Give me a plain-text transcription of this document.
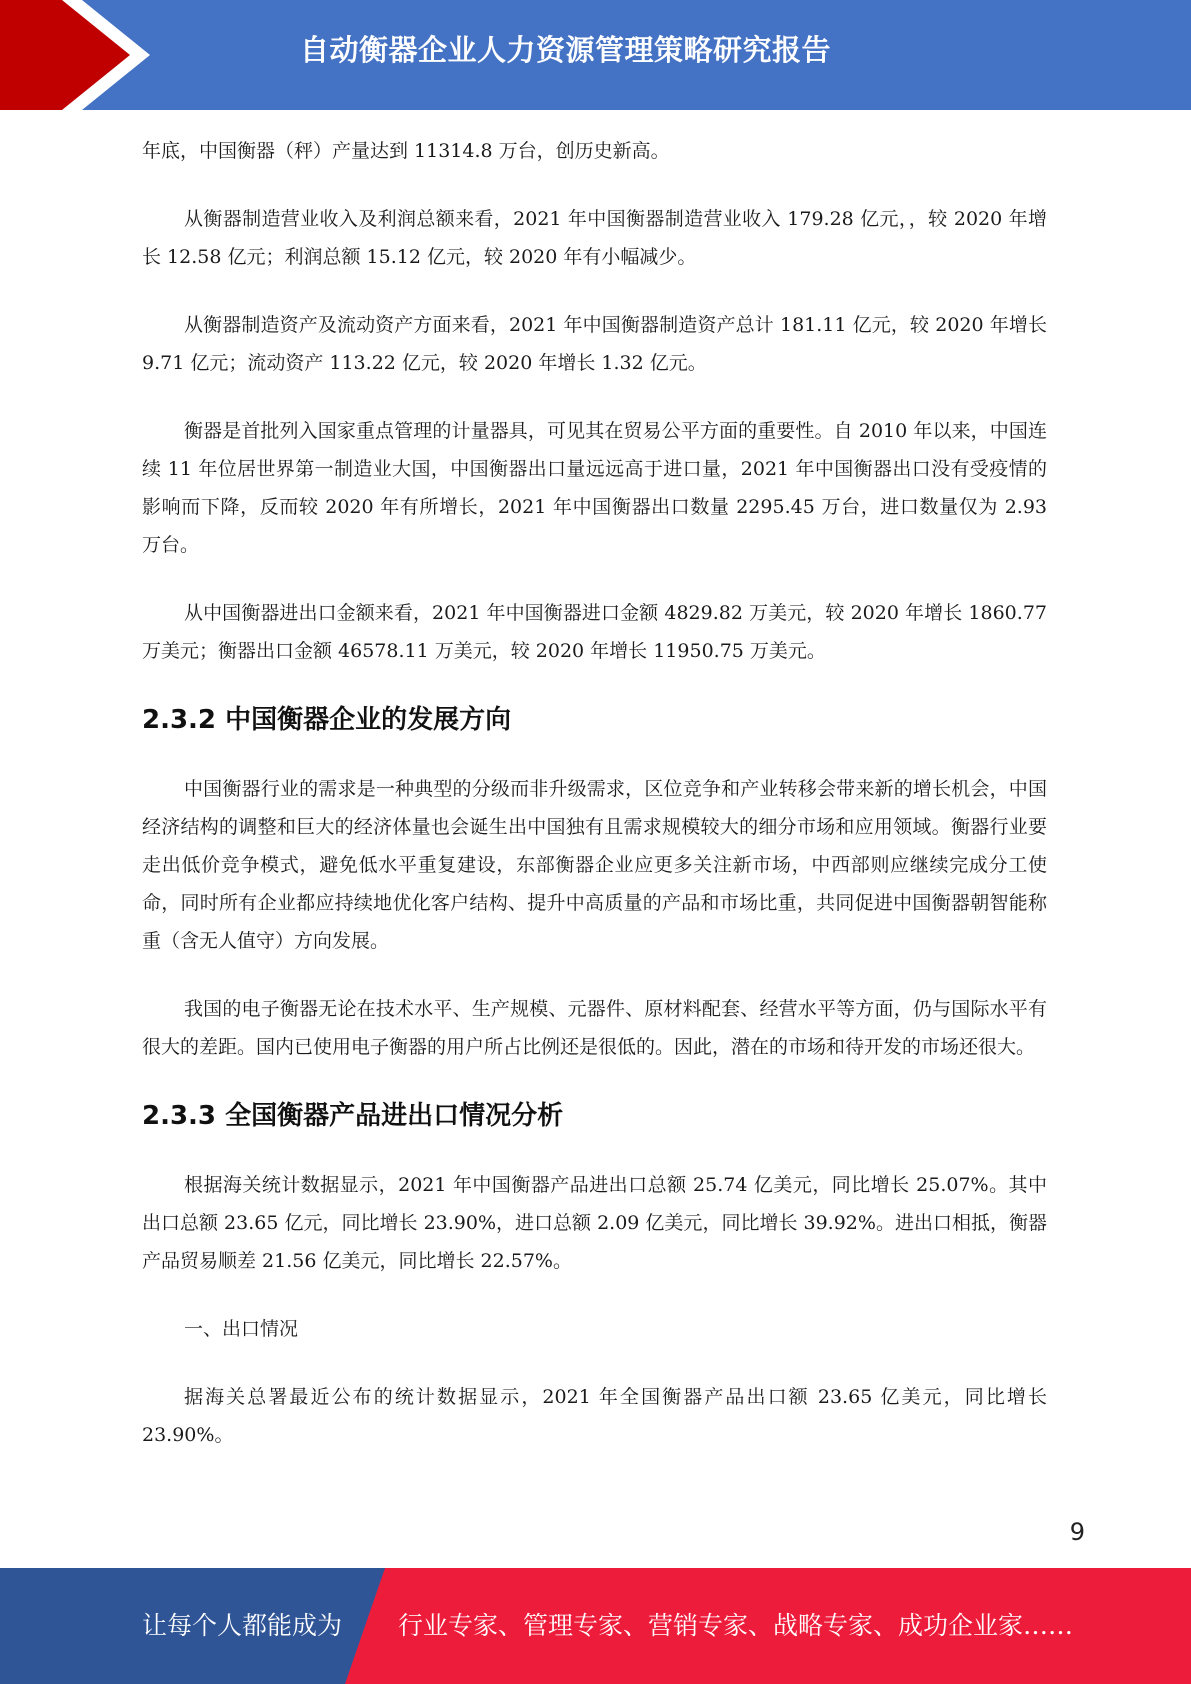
自动衡器企业人力资源管理策略研究报告

年底，中国衡器（秤）产量达到 11314.8 万台，创历史新高。

从衡器制造营业收入及利润总额来看，2021 年中国衡器制造营业收入 179.28 亿元，，较 2020 年增长 12.58 亿元；利润总额 15.12 亿元，较 2020 年有小幅减少。

从衡器制造资产及流动资产方面来看，2021 年中国衡器制造资产总计 181.11 亿元，较 2020 年增长 9.71 亿元；流动资产 113.22 亿元，较 2020 年增长 1.32 亿元。

衡器是首批列入国家重点管理的计量器具，可见其在贸易公平方面的重要性。自 2010 年以来，中国连续 11 年位居世界第一制造业大国，中国衡器出口量远远高于进口量，2021 年中国衡器出口没有受疫情的影响而下降，反而较 2020 年有所增长，2021 年中国衡器出口数量 2295.45 万台，进口数量仅为 2.93 万台。

从中国衡器进出口金额来看，2021 年中国衡器进口金额 4829.82 万美元，较 2020 年增长 1860.77 万美元；衡器出口金额 46578.11 万美元，较 2020 年增长 11950.75 万美元。

2.3.2 中国衡器企业的发展方向

中国衡器行业的需求是一种典型的分级而非升级需求，区位竞争和产业转移会带来新的增长机会，中国经济结构的调整和巨大的经济体量也会诞生出中国独有且需求规模较大的细分市场和应用领域。衡器行业要走出低价竞争模式，避免低水平重复建设，东部衡器企业应更多关注新市场，中西部则应继续完成分工使命，同时所有企业都应持续地优化客户结构、提升中高质量的产品和市场比重，共同促进中国衡器朝智能称重（含无人值守）方向发展。

我国的电子衡器无论在技术水平、生产规模、元器件、原材料配套、经营水平等方面，仍与国际水平有很大的差距。国内已使用电子衡器的用户所占比例还是很低的。因此，潜在的市场和待开发的市场还很大。

2.3.3 全国衡器产品进出口情况分析

根据海关统计数据显示，2021 年中国衡器产品进出口总额 25.74 亿美元，同比增长 25.07%。其中出口总额 23.65 亿元，同比增长 23.90%，进口总额 2.09 亿美元，同比增长 39.92%。进出口相抵，衡器产品贸易顺差 21.56 亿美元，同比增长 22.57%。

一、出口情况

据海关总署最近公布的统计数据显示，2021 年全国衡器产品出口额 23.65 亿美元，同比增长 23.90%。

9
让每个人都能成为 行业专家、管理专家、营销专家、战略专家、成功企业家……
